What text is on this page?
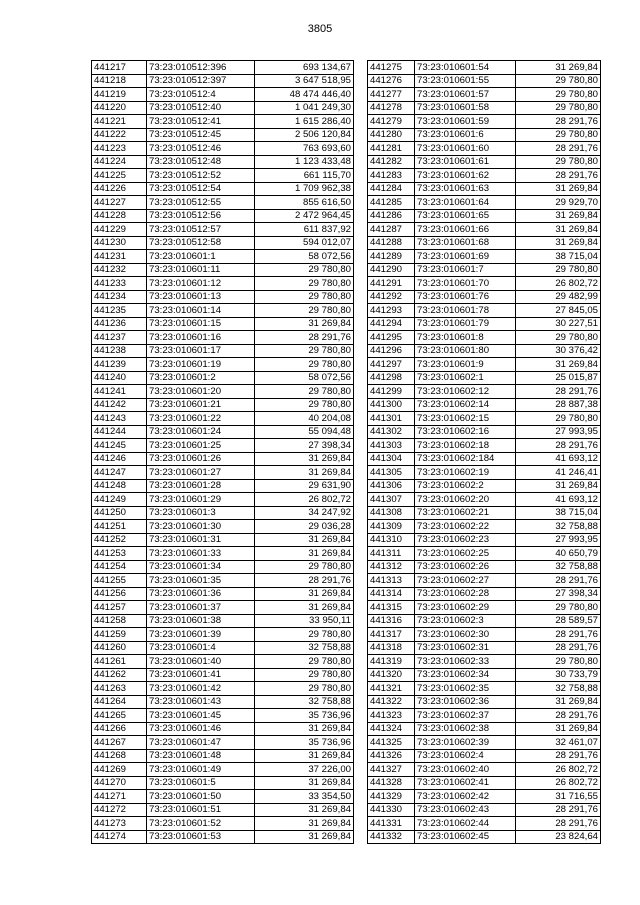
3805
441217	73:23:010512:396	693 134,67
441218	73:23:010512:397	3 647 518,95
441219	73:23:010512:4	48 474 446,40
441220	73:23:010512:40	1 041 249,30
441221	73:23:010512:41	1 615 286,40
441222	73:23:010512:45	2 506 120,84
441223	73:23:010512:46	763 693,60
441224	73:23:010512:48	1 123 433,48
441225	73:23:010512:52	661 115,70
441226	73:23:010512:54	1 709 962,38
441227	73:23:010512:55	855 616,50
441228	73:23:010512:56	2 472 964,45
441229	73:23:010512:57	611 837,92
441230	73:23:010512:58	594 012,07
441231	73:23:010601:1	58 072,56
441232	73:23:010601:11	29 780,80
441233	73:23:010601:12	29 780,80
441234	73:23:010601:13	29 780,80
441235	73:23:010601:14	29 780,80
441236	73:23:010601:15	31 269,84
441237	73:23:010601:16	28 291,76
441238	73:23:010601:17	29 780,80
441239	73:23:010601:19	29 780,80
441240	73:23:010601:2	58 072,56
441241	73:23:010601:20	29 780,80
441242	73:23:010601:21	29 780,80
441243	73:23:010601:22	40 204,08
441244	73:23:010601:24	55 094,48
441245	73:23:010601:25	27 398,34
441246	73:23:010601:26	31 269,84
441247	73:23:010601:27	31 269,84
441248	73:23:010601:28	29 631,90
441249	73:23:010601:29	26 802,72
441250	73:23:010601:3	34 247,92
441251	73:23:010601:30	29 036,28
441252	73:23:010601:31	31 269,84
441253	73:23:010601:33	31 269,84
441254	73:23:010601:34	29 780,80
441255	73:23:010601:35	28 291,76
441256	73:23:010601:36	31 269,84
441257	73:23:010601:37	31 269,84
441258	73:23:010601:38	33 950,11
441259	73:23:010601:39	29 780,80
441260	73:23:010601:4	32 758,88
441261	73:23:010601:40	29 780,80
441262	73:23:010601:41	29 780,80
441263	73:23:010601:42	29 780,80
441264	73:23:010601:43	32 758,88
441265	73:23:010601:45	35 736,96
441266	73:23:010601:46	31 269,84
441267	73:23:010601:47	35 736,96
441268	73:23:010601:48	31 269,84
441269	73:23:010601:49	37 226,00
441270	73:23:010601:5	31 269,84
441271	73:23:010601:50	33 354,50
441272	73:23:010601:51	31 269,84
441273	73:23:010601:52	31 269,84
441274	73:23:010601:53	31 269,84
441275	73:23:010601:54	31 269,84
441276	73:23:010601:55	29 780,80
441277	73:23:010601:57	29 780,80
441278	73:23:010601:58	29 780,80
441279	73:23:010601:59	28 291,76
441280	73:23:010601:6	29 780,80
441281	73:23:010601:60	28 291,76
441282	73:23:010601:61	29 780,80
441283	73:23:010601:62	28 291,76
441284	73:23:010601:63	31 269,84
441285	73:23:010601:64	29 929,70
441286	73:23:010601:65	31 269,84
441287	73:23:010601:66	31 269,84
441288	73:23:010601:68	31 269,84
441289	73:23:010601:69	38 715,04
441290	73:23:010601:7	29 780,80
441291	73:23:010601:70	26 802,72
441292	73:23:010601:76	29 482,99
441293	73:23:010601:78	27 845,05
441294	73:23:010601:79	30 227,51
441295	73:23:010601:8	29 780,80
441296	73:23:010601:80	30 376,42
441297	73:23:010601:9	31 269,84
441298	73:23:010602:1	25 015,87
441299	73:23:010602:12	28 291,76
441300	73:23:010602:14	28 887,38
441301	73:23:010602:15	29 780,80
441302	73:23:010602:16	27 993,95
441303	73:23:010602:18	28 291,76
441304	73:23:010602:184	41 693,12
441305	73:23:010602:19	41 246,41
441306	73:23:010602:2	31 269,84
441307	73:23:010602:20	41 693,12
441308	73:23:010602:21	38 715,04
441309	73:23:010602:22	32 758,88
441310	73:23:010602:23	27 993,95
441311	73:23:010602:25	40 650,79
441312	73:23:010602:26	32 758,88
441313	73:23:010602:27	28 291,76
441314	73:23:010602:28	27 398,34
441315	73:23:010602:29	29 780,80
441316	73:23:010602:3	28 589,57
441317	73:23:010602:30	28 291,76
441318	73:23:010602:31	28 291,76
441319	73:23:010602:33	29 780,80
441320	73:23:010602:34	30 733,79
441321	73:23:010602:35	32 758,88
441322	73:23:010602:36	31 269,84
441323	73:23:010602:37	28 291,76
441324	73:23:010602:38	31 269,84
441325	73:23:010602:39	32 461,07
441326	73:23:010602:4	28 291,76
441327	73:23:010602:40	26 802,72
441328	73:23:010602:41	26 802,72
441329	73:23:010602:42	31 716,55
441330	73:23:010602:43	28 291,76
441331	73:23:010602:44	28 291,76
441332	73:23:010602:45	23 824,64
